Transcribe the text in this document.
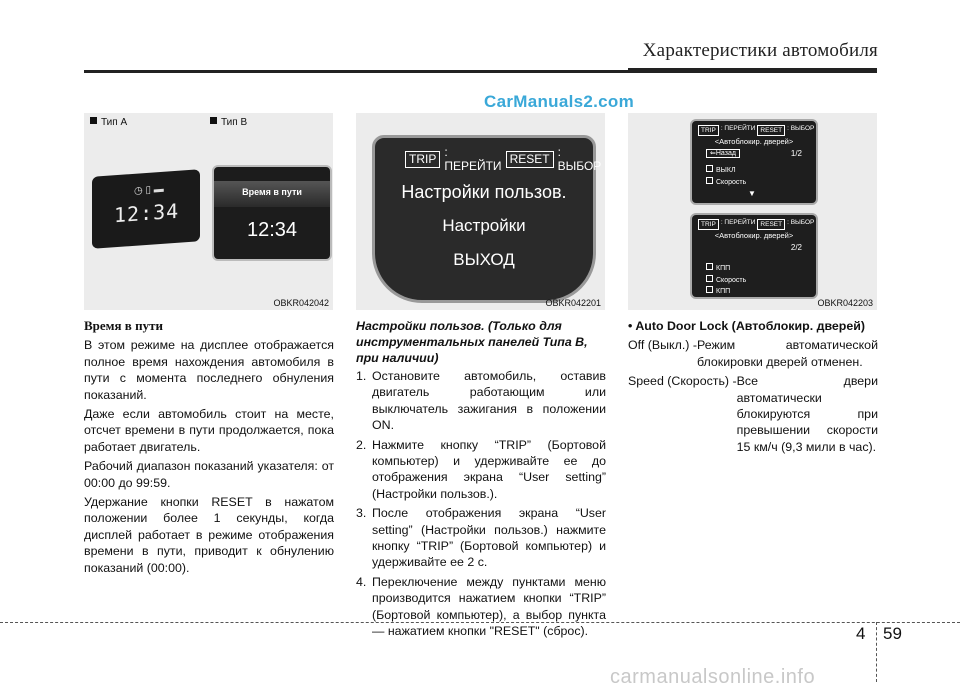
Характеристики автомобиля
CarManuals2.com
Тип А	Тип В
◷ ▯ ▬
12:34
Время в пути
12:34
OBKR042042
TRIP : ПЕРЕЙТИ
RESET : ВЫБОР
Настройки пользов.
Настройки
ВЫХОД
OBKR042201
TRIP : ПЕРЕЙТИ RESET : ВЫБОР
<Автоблокир. дверей>
⇐Назад	1/2
ВЫКЛ
Скорость
▼
TRIP : ПЕРЕЙТИ RESET : ВЫБОР
<Автоблокир. дверей>
2/2
КПП
Скорость
КПП
OBKR042203
Время в пути

В этом режиме на дисплее отображается полное время нахождения автомобиля в пути с момента последнего обнуления показаний.

Даже если автомобиль стоит на месте, отсчет времени в пути продолжается, пока работает двигатель.

Рабочий диапазон показаний указателя: от 00:00 до 99:59.

Удержание кнопки RESET в нажатом положении более 1 секунды, когда дисплей работает в режиме отображения времени в пути, приводит к обнулению показаний (00:00).

Настройки пользов. (Только для инструментальных панелей Типа В, при наличии)
1. Остановите автомобиль, оставив двигатель работающим или выключатель зажигания в положении ON.
2. Нажмите кнопку “TRIP” (Бортовой компьютер) и удерживайте ее до отображения экрана “User setting” (Настройки пользов.).
3. После отображения экрана “User setting” (Настройки пользов.) нажмите кнопку “TRIP” (Бортовой компьютер) и удерживайте ее 2 с.
4. Переключение между пунктами меню производится нажатием кнопки “TRIP” (Бортовой компьютер), а выбор пункта — нажатием кнопки "RESET" (сброс).
• Auto Door Lock (Автоблокир. дверей)
Off (Выкл.) - Режим автоматической блокировки дверей отменен.
Speed (Скорость) - Все двери автоматически блокируются при превышении скорости 15 км/ч (9,3 мили в час).
4 59
carmanualsonline.info
